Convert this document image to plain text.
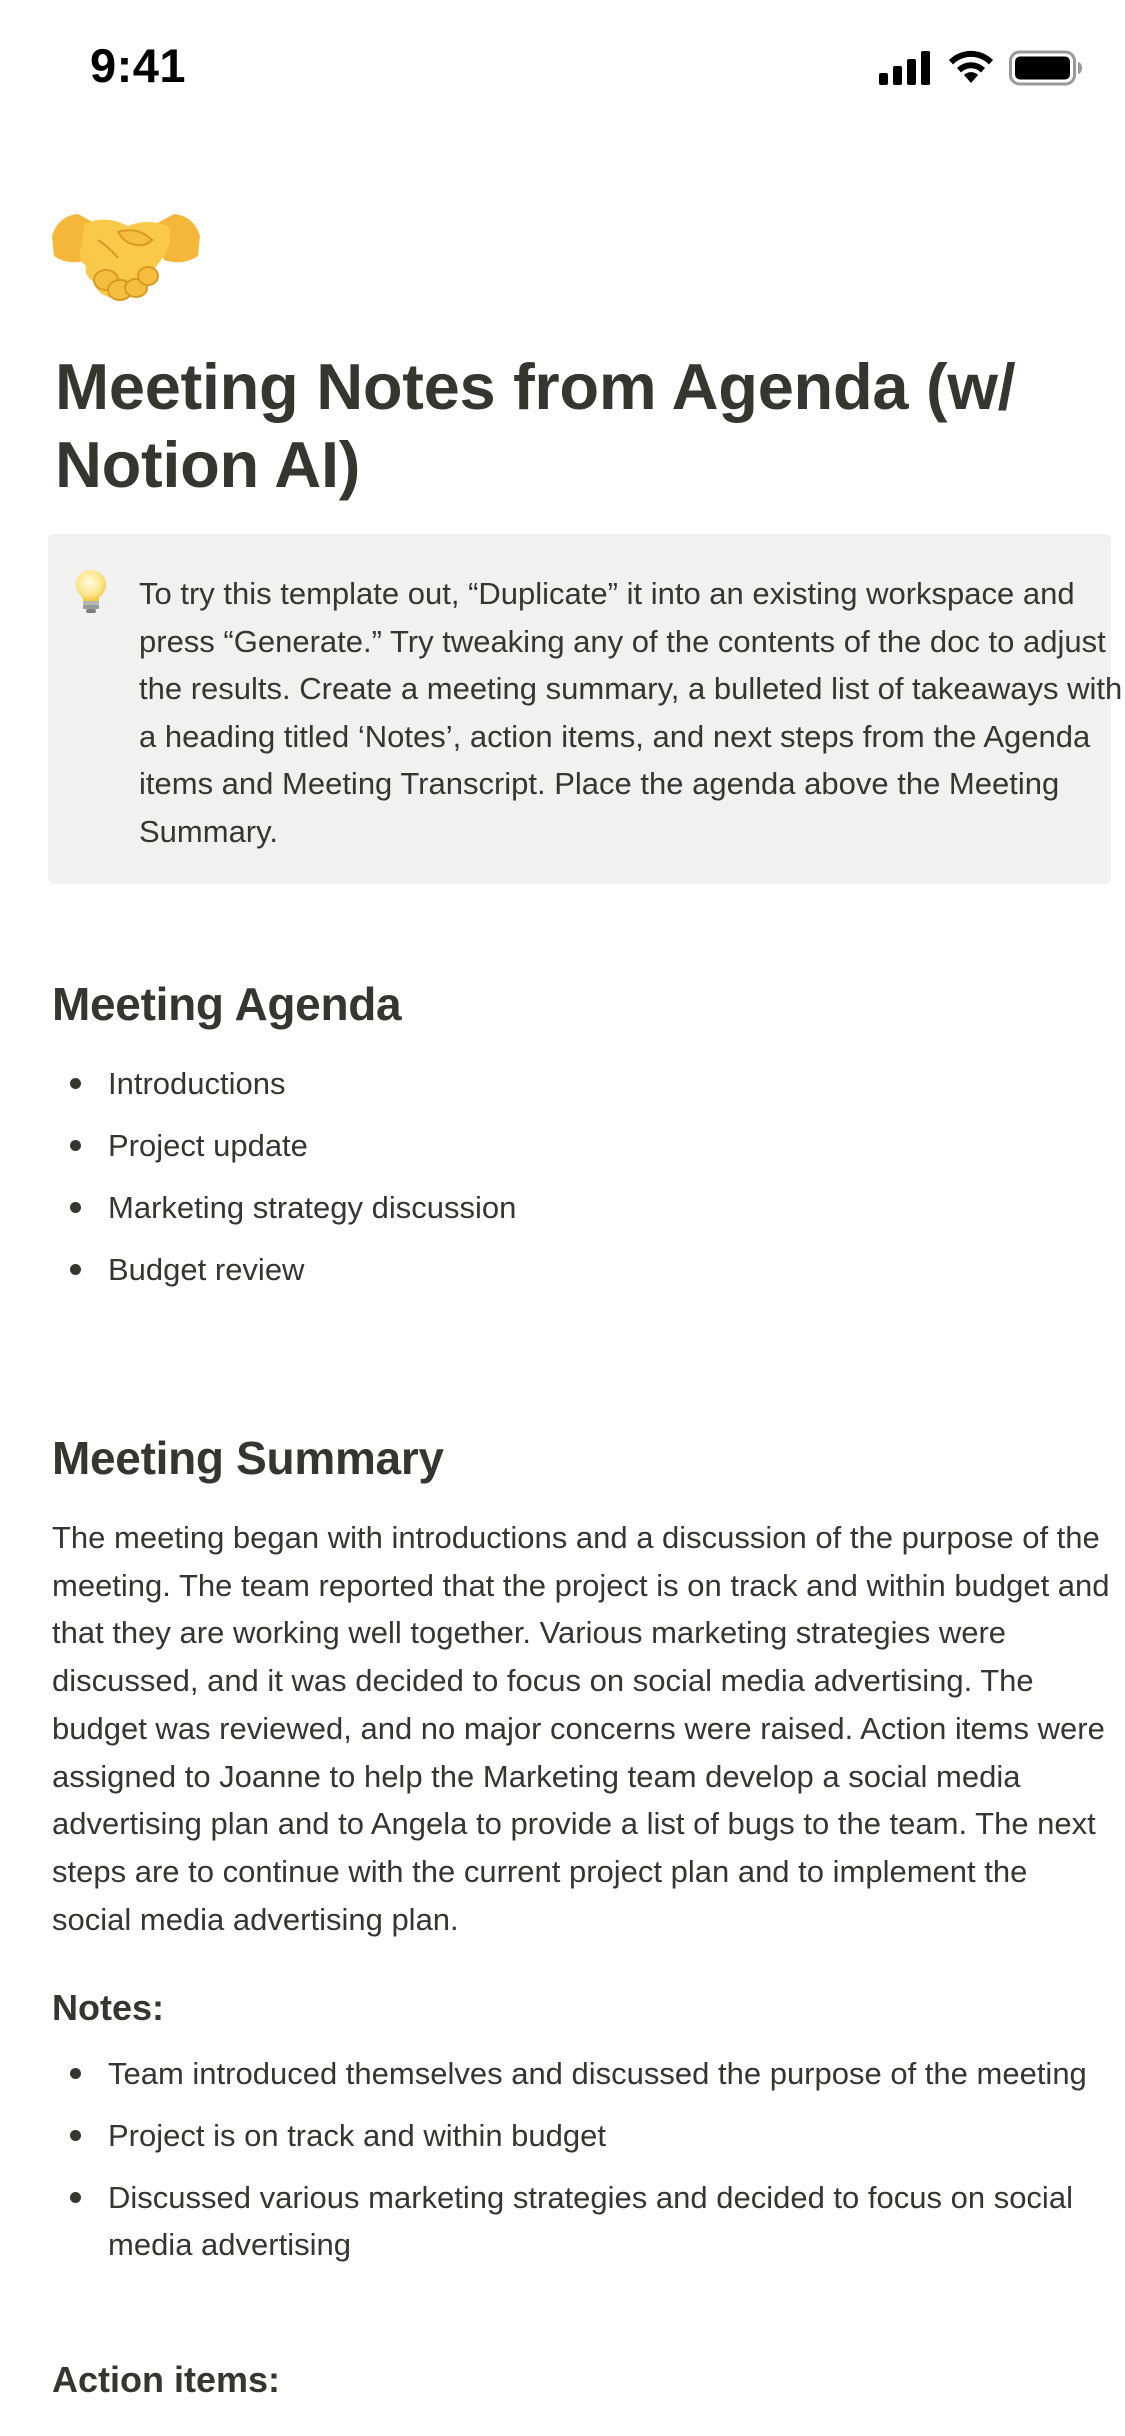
9:41
Meeting Notes from Agenda (w/ Notion AI)

To try this template out, “Duplicate” it into an existing workspace and press “Generate.” Try tweaking any of the contents of the doc to adjust the results. Create a meeting summary, a bulleted list of takeaways with a heading titled ‘Notes’, action items, and next steps from the Agenda items and Meeting Transcript. Place the agenda above the Meeting Summary.

Meeting Agenda
Introductions
Project update
Marketing strategy discussion
Budget review
Meeting Summary

The meeting began with introductions and a discussion of the purpose of the meeting. The team reported that the project is on track and within budget and that they are working well together. Various marketing strategies were discussed, and it was decided to focus on social media advertising. The budget was reviewed, and no major concerns were raised. Action items were assigned to Joanne to help the Marketing team develop a social media advertising plan and to Angela to provide a list of bugs to the team. The next steps are to continue with the current project plan and to implement the social media advertising plan.

Notes:
Team introduced themselves and discussed the purpose of the meeting
Project is on track and within budget
Discussed various marketing strategies and decided to focus on social media advertising
Action items:
